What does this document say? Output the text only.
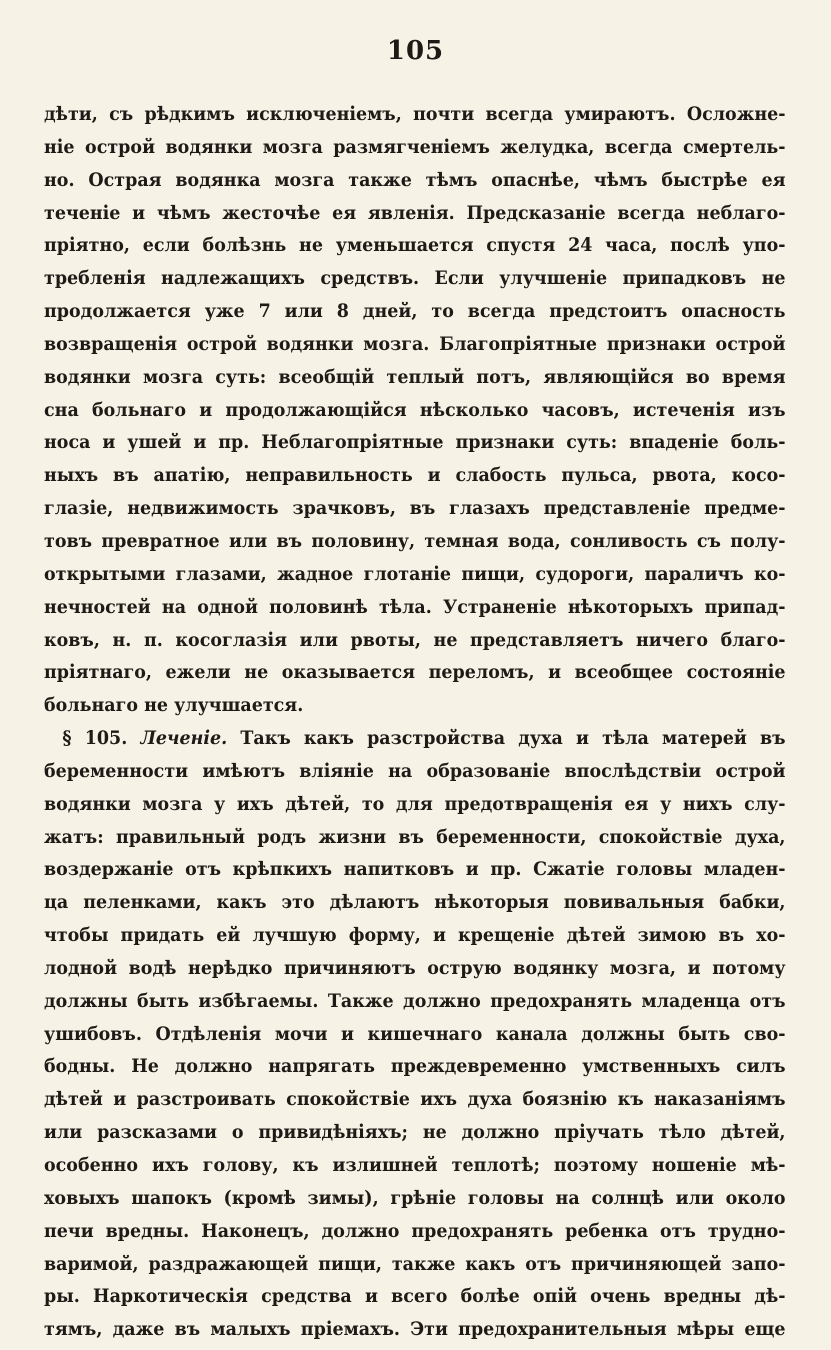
105
дѣти, съ рѣдкимъ исключеніемъ, почти всегда умираютъ. Осложне-
ніе острой водянки мозга размягченіемъ желудка, всегда смертель-
но. Острая водянка мозга также тѣмъ опаснѣе, чѣмъ быстрѣе ея
теченіе и чѣмъ жесточѣе ея явленія. Предсказаніе всегда неблаго-
пріятно, если болѣзнь не уменьшается спустя 24 часа, послѣ упо-
требленія надлежащихъ средствъ. Если улучшеніе припадковъ не
продолжается уже 7 или 8 дней, то всегда предстоитъ опасность
возвращенія острой водянки мозга. Благопріятные признаки острой
водянки мозга суть: всеобщій теплый потъ, являющійся во время
сна больнаго и продолжающійся нѣсколько часовъ, истеченія изъ
носа и ушей и пр. Неблагопріятные признаки суть: впаденіе боль-
ныхъ въ апатію, неправильность и слабость пульса, рвота, косо-
глазіе, недвижимость зрачковъ, въ глазахъ представленіе предме-
товъ превратное или въ половину, темная вода, сонливость съ полу-
открытыми глазами, жадное глотаніе пищи, судороги, параличъ ко-
нечностей на одной половинѣ тѣла. Устраненіе нѣкоторыхъ припад-
ковъ, н. п. косоглазія или рвоты, не представляетъ ничего благо-
пріятнаго, ежели не оказывается переломъ, и всеобщее состояніе
больнаго не улучшается.
§ 105. Леченіе. Такъ какъ разстройства духа и тѣла матерей въ
беременности имѣютъ вліяніе на образованіе впослѣдствіи острой
водянки мозга у ихъ дѣтей, то для предотвращенія ея у нихъ слу-
жатъ: правильный родъ жизни въ беременности, спокойствіе духа,
воздержаніе отъ крѣпкихъ напитковъ и пр. Сжатіе головы младен-
ца пеленками, какъ это дѣлаютъ нѣкоторыя повивальныя бабки,
чтобы придать ей лучшую форму, и крещеніе дѣтей зимою въ хо-
лодной водѣ нерѣдко причиняютъ острую водянку мозга, и потому
должны быть избѣгаемы. Также должно предохранять младенца отъ
ушибовъ. Отдѣленія мочи и кишечнаго канала должны быть сво-
бодны. Не должно напрягать преждевременно умственныхъ силъ
дѣтей и разстроивать спокойствіе ихъ духа боязнію къ наказаніямъ
или разсказами о привидѣніяхъ; не должно пріучать тѣло дѣтей,
особенно ихъ голову, къ излишней теплотѣ; поэтому ношеніе мѣ-
ховыхъ шапокъ (кромѣ зимы), грѣніе головы на солнцѣ или около
печи вредны. Наконецъ, должно предохранять ребенка отъ трудно-
варимой, раздражающей пищи, также какъ отъ причиняющей запо-
ры. Наркотическія средства и всего болѣе опій очень вредны дѣ-
тямъ, даже въ малыхъ пріемахъ. Эти предохранительныя мѣры еще
